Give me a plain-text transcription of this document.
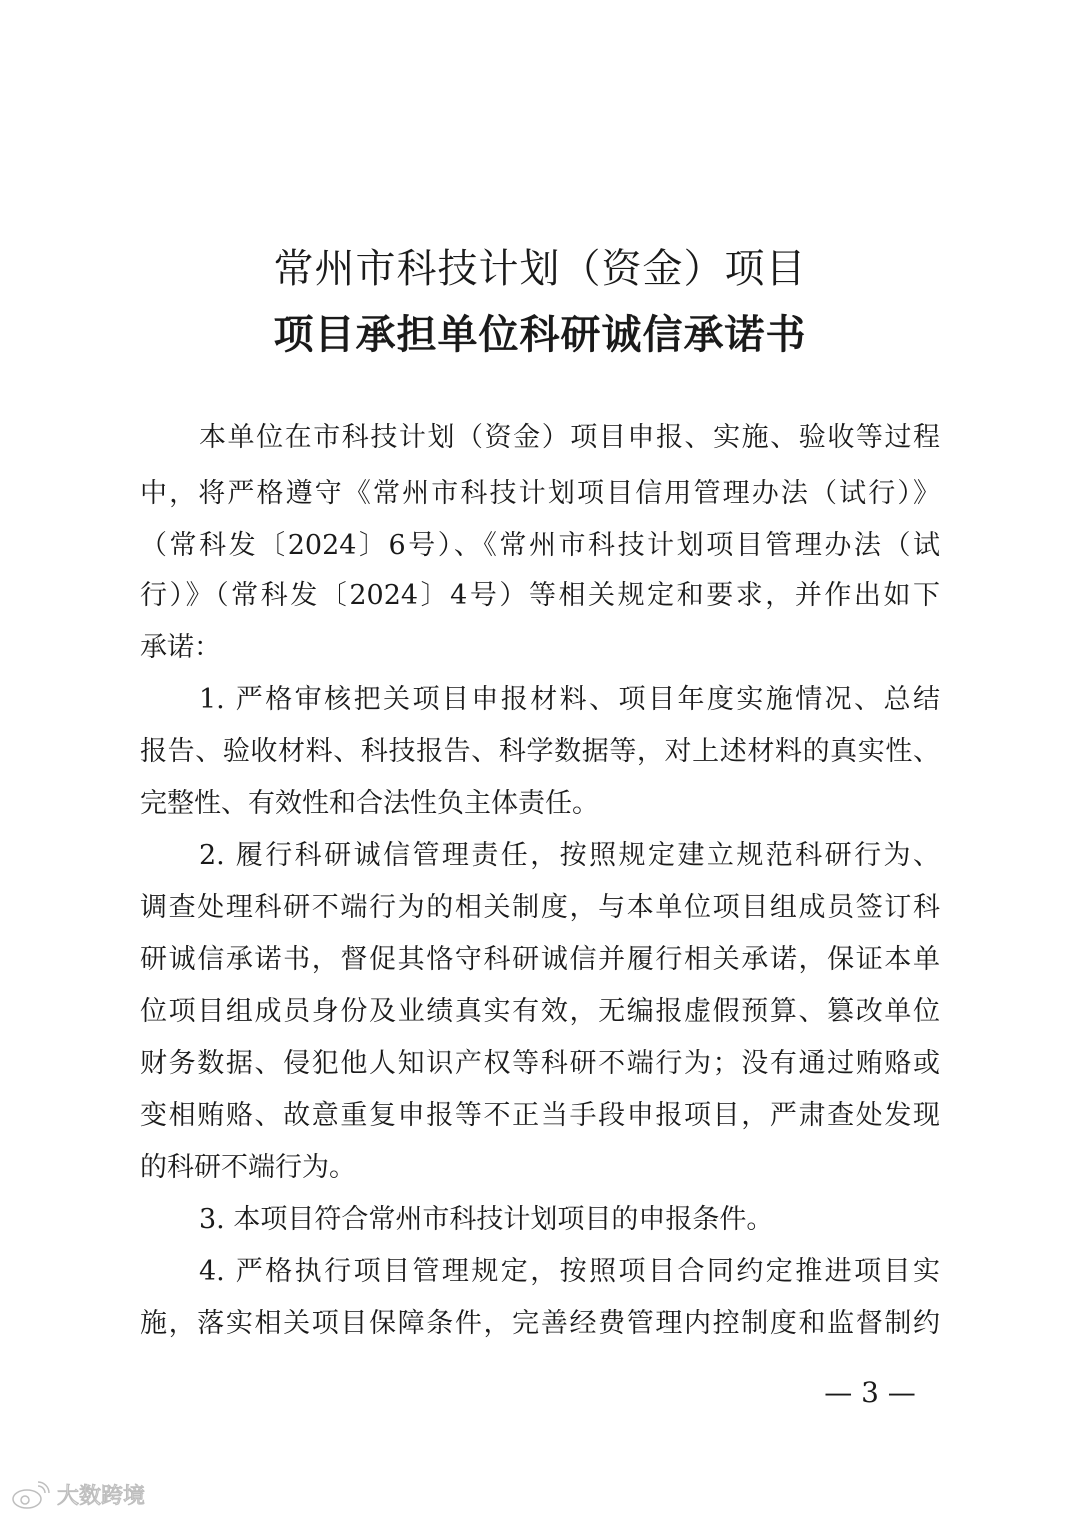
常州市科技计划（资金）项目
项目承担单位科研诚信承诺书
本单位在市科技计划（资金）项目申报、实施、验收等过程
中，将严格遵守《常州市科技计划项目信用管理办法（试行）》
（常科发〔2024〕6号）、《常州市科技计划项目管理办法（试
行）》（常科发〔2024〕4号）等相关规定和要求，并作出如下
承诺：
1. 严格审核把关项目申报材料、项目年度实施情况、总结
报告、验收材料、科技报告、科学数据等，对上述材料的真实性、
完整性、有效性和合法性负主体责任。
2. 履行科研诚信管理责任，按照规定建立规范科研行为、
调查处理科研不端行为的相关制度，与本单位项目组成员签订科
研诚信承诺书，督促其恪守科研诚信并履行相关承诺，保证本单
位项目组成员身份及业绩真实有效，无编报虚假预算、篡改单位
财务数据、侵犯他人知识产权等科研不端行为；没有通过贿赂或
变相贿赂、故意重复申报等不正当手段申报项目，严肃查处发现
的科研不端行为。
3. 本项目符合常州市科技计划项目的申报条件。
4. 严格执行项目管理规定，按照项目合同约定推进项目实
施，落实相关项目保障条件，完善经费管理内控制度和监督制约
— 3 —
大数跨境
